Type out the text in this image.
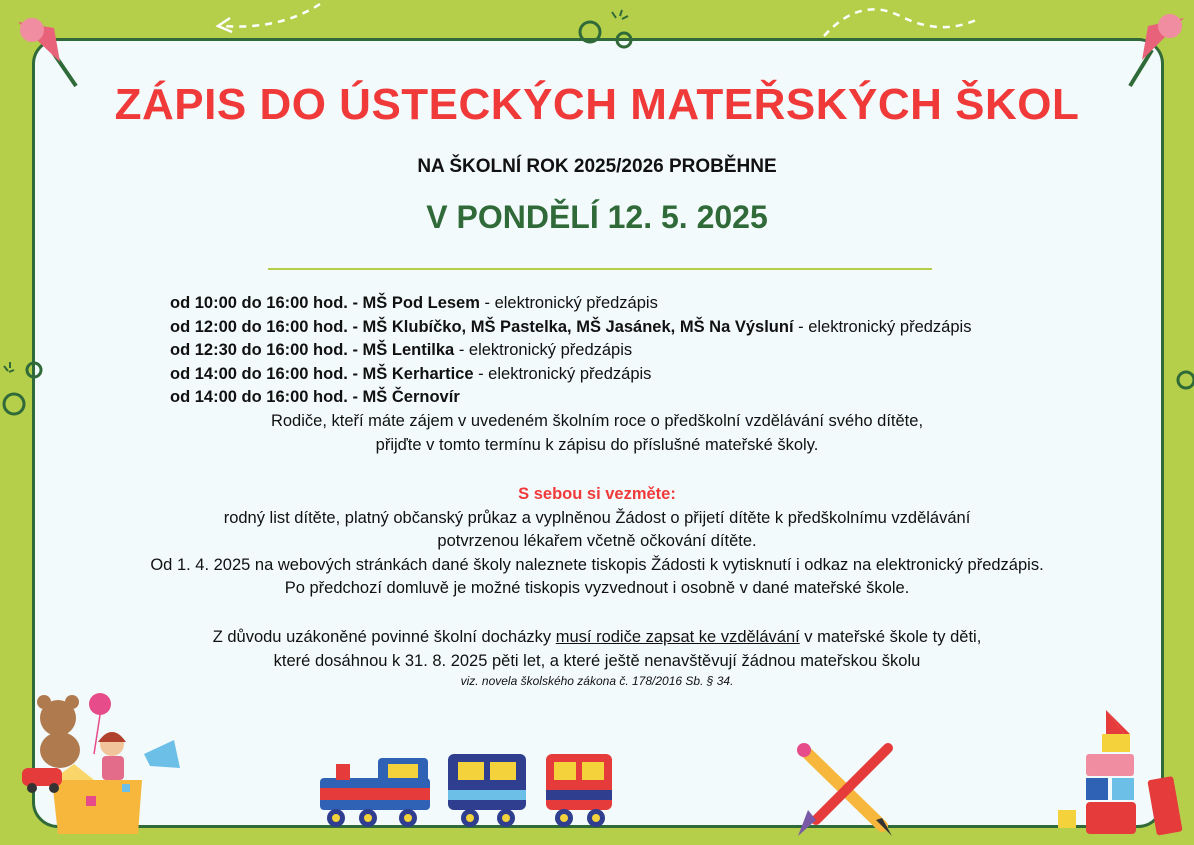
ZÁPIS DO ÚSTECKÝCH MATEŘSKÝCH ŠKOL
NA ŠKOLNÍ ROK 2025/2026 PROBĚHNE
V PONDĚLÍ 12. 5. 2025
od 10:00 do 16:00 hod. - MŠ Pod Lesem - elektronický předzápis
od 12:00 do 16:00 hod. - MŠ Klubíčko, MŠ Pastelka, MŠ Jasánek, MŠ Na Výsluní - elektronický předzápis
od 12:30 do 16:00 hod. - MŠ Lentilka - elektronický předzápis
od 14:00 do 16:00 hod. - MŠ Kerhartice - elektronický předzápis
od 14:00 do 16:00 hod. - MŠ Černovír
Rodiče, kteří máte zájem v uvedeném školním roce o předškolní vzdělávání svého dítěte,
přijďte v tomto termínu k zápisu do příslušné mateřské školy.
S sebou si vezměte:
rodný list dítěte, platný občanský průkaz a vyplněnou Žádost o přijetí dítěte k předškolnímu vzdělávání
potvrzenou lékařem včetně očkování dítěte.
Od 1. 4. 2025 na webových stránkách dané školy naleznete tiskopis Žádosti k vytisknutí i odkaz na elektronický předzápis.
Po předchozí domluvě je možné tiskopis vyzvednout i osobně v dané mateřské škole.
Z důvodu uzákoněné povinné školní docházky musí rodiče zapsat ke vzdělávání v mateřské škole ty děti,
které dosáhnou k 31. 8. 2025 pěti let, a které ještě nenavštěvují žádnou mateřskou školu
viz. novela školského zákona č. 178/2016 Sb. § 34.
